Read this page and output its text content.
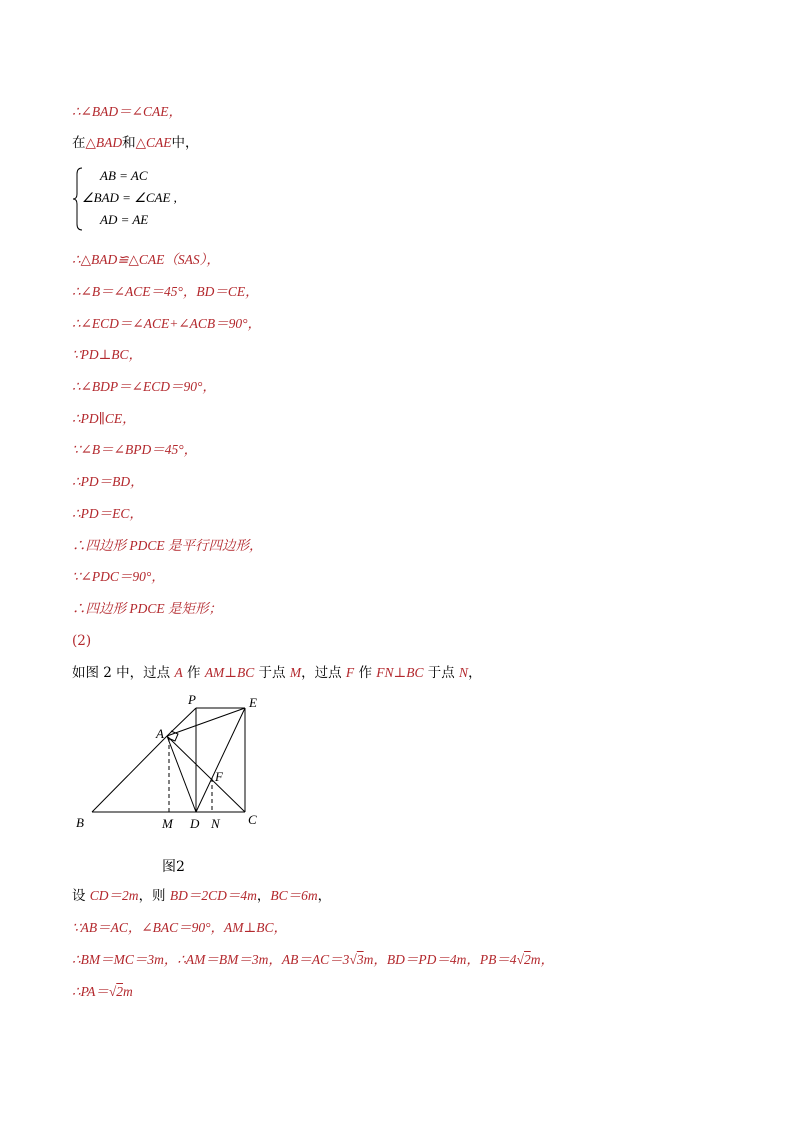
∴∠BAD＝∠CAE，
在△BAD和△CAE中，
AB = AC
∠BAD = ∠CAE ,
AD = AE
∴△BAD≌△CAE（SAS），
∴∠B＝∠ACE＝45°，BD＝CE，
∴∠ECD＝∠ACE+∠ACB＝90°，
∵PD⊥BC，
∴∠BDP＝∠ECD＝90°，
∴PD∥CE，
∵∠B＝∠BPD＝45°，
∴PD＝BD，
∴PD＝EC，
∴四边形 PDCE 是平行四边形，
∵∠PDC＝90°，
∴四边形 PDCE 是矩形；
(2)
如图 2 中，过点 A 作 AM⊥BC 于点 M，过点 F 作 FN⊥BC 于点 N，
P	E
A
F
B	M D N C
图2
设 CD＝2m，则 BD＝2CD＝4m，BC＝6m，
∵AB＝AC，∠BAC＝90°，AM⊥BC，
∴BM＝MC＝3m，∴AM＝BM＝3m，AB＝AC＝3√3m，BD＝PD＝4m，PB＝4√2m，
∴PA＝√2m
